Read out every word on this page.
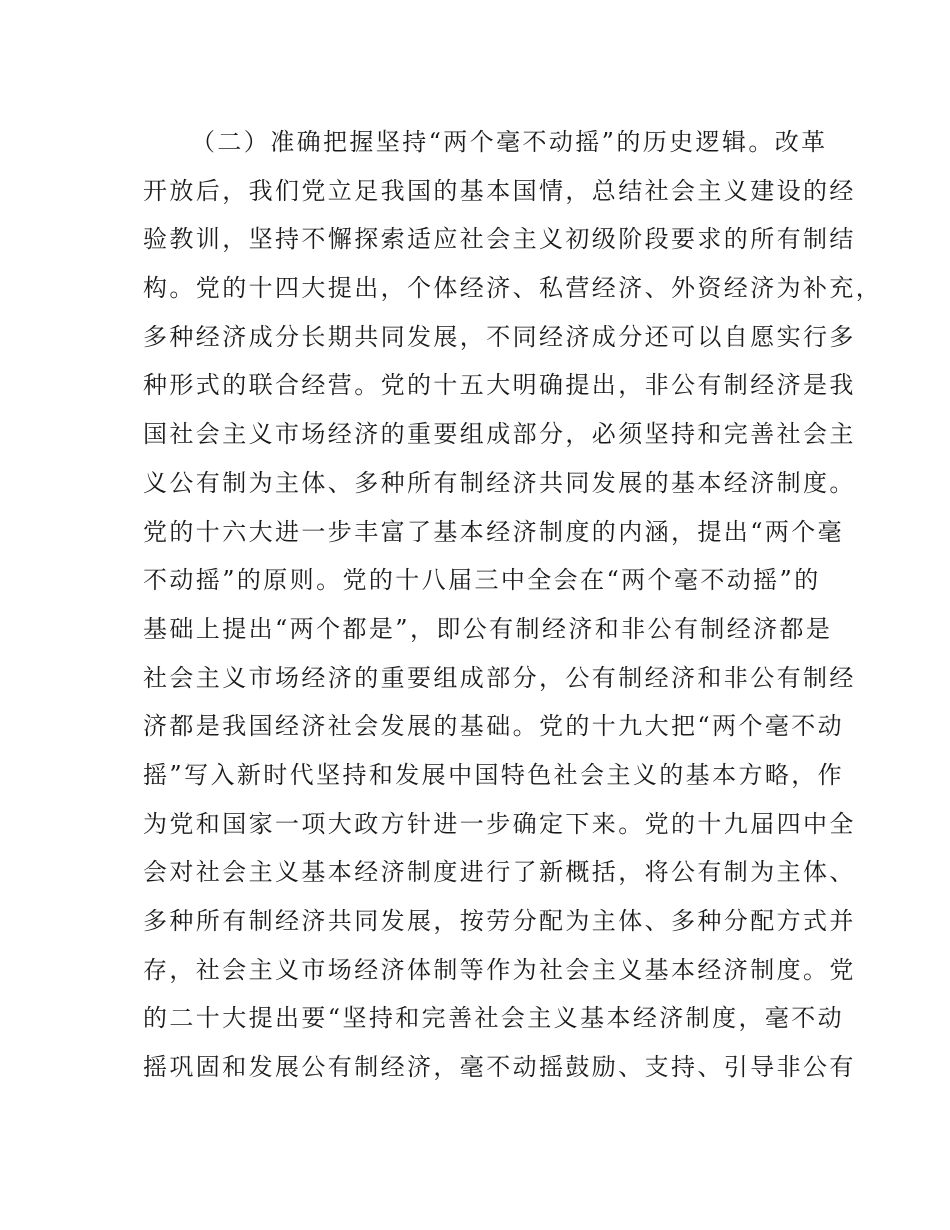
（二）准确把握坚持“两个毫不动摇”的历史逻辑。改革
开放后，我们党立足我国的基本国情，总结社会主义建设的经
验教训，坚持不懈探索适应社会主义初级阶段要求的所有制结
构。党的十四大提出，个体经济、私营经济、外资经济为补充，
多种经济成分长期共同发展，不同经济成分还可以自愿实行多
种形式的联合经营。党的十五大明确提出，非公有制经济是我
国社会主义市场经济的重要组成部分，必须坚持和完善社会主
义公有制为主体、多种所有制经济共同发展的基本经济制度。
党的十六大进一步丰富了基本经济制度的内涵，提出“两个毫
不动摇”的原则。党的十八届三中全会在“两个毫不动摇”的
基础上提出“两个都是”，即公有制经济和非公有制经济都是
社会主义市场经济的重要组成部分，公有制经济和非公有制经
济都是我国经济社会发展的基础。党的十九大把“两个毫不动
摇”写入新时代坚持和发展中国特色社会主义的基本方略，作
为党和国家一项大政方针进一步确定下来。党的十九届四中全
会对社会主义基本经济制度进行了新概括，将公有制为主体、
多种所有制经济共同发展，按劳分配为主体、多种分配方式并
存，社会主义市场经济体制等作为社会主义基本经济制度。党
的二十大提出要“坚持和完善社会主义基本经济制度，毫不动
摇巩固和发展公有制经济，毫不动摇鼓励、支持、引导非公有
